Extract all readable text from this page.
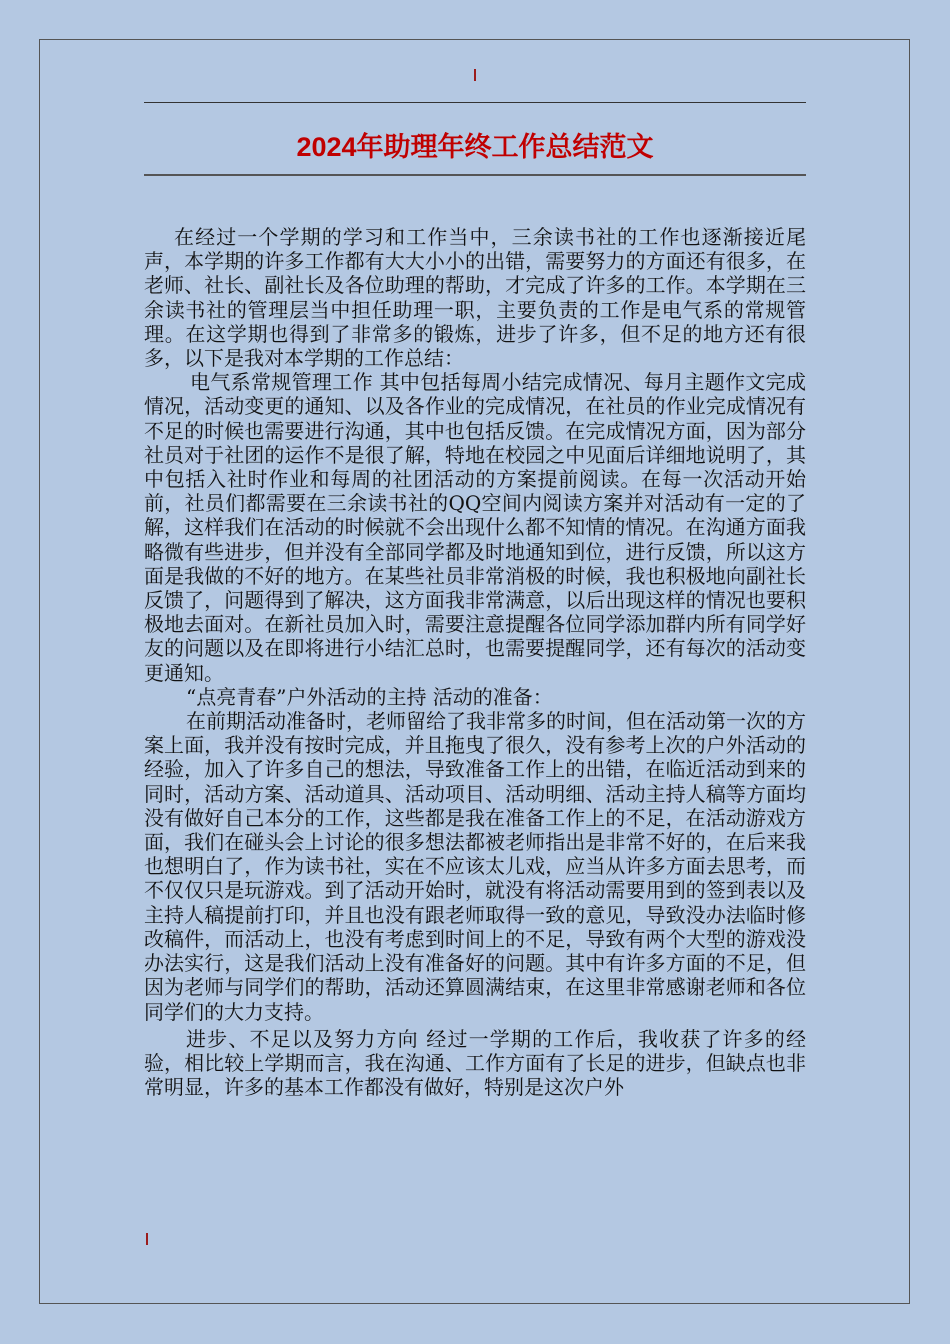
2024年助理年终工作总结范文

在经过一个学期的学习和工作当中，三余读书社的工作也逐渐接近尾声，本学期的许多工作都有大大小小的出错，需要努力的方面还有很多，在老师、社长、副社长及各位助理的帮助，才完成了许多的工作。本学期在三余读书社的管理层当中担任助理一职，主要负责的工作是电气系的常规管理。在这学期也得到了非常多的锻炼，进步了许多，但不足的地方还有很多，以下是我对本学期的工作总结：

电气系常规管理工作 其中包括每周小结完成情况、每月主题作文完成情况，活动变更的通知、以及各作业的完成情况，在社员的作业完成情况有不足的时候也需要进行沟通，其中也包括反馈。在完成情况方面，因为部分社员对于社团的运作不是很了解，特地在校园之中见面后详细地说明了，其中包括入社时作业和每周的社团活动的方案提前阅读。在每一次活动开始前，社员们都需要在三余读书社的QQ空间内阅读方案并对活动有一定的了解，这样我们在活动的时候就不会出现什么都不知情的情况。在沟通方面我略微有些进步，但并没有全部同学都及时地通知到位，进行反馈，所以这方面是我做的不好的地方。在某些社员非常消极的时候，我也积极地向副社长反馈了，问题得到了解决，这方面我非常满意，以后出现这样的情况也要积极地去面对。在新社员加入时，需要注意提醒各位同学添加群内所有同学好友的问题以及在即将进行小结汇总时，也需要提醒同学，还有每次的活动变更通知。

“点亮青春”户外活动的主持 活动的准备：

在前期活动准备时，老师留给了我非常多的时间，但在活动第一次的方案上面，我并没有按时完成，并且拖曳了很久，没有参考上次的户外活动的经验，加入了许多自己的想法，导致准备工作上的出错，在临近活动到来的同时，活动方案、活动道具、活动项目、活动明细、活动主持人稿等方面均没有做好自己本分的工作，这些都是我在准备工作上的不足，在活动游戏方面，我们在碰头会上讨论的很多想法都被老师指出是非常不好的，在后来我也想明白了，作为读书社，实在不应该太儿戏，应当从许多方面去思考，而不仅仅只是玩游戏。到了活动开始时，就没有将活动需要用到的签到表以及主持人稿提前打印，并且也没有跟老师取得一致的意见，导致没办法临时修改稿件，而活动上，也没有考虑到时间上的不足，导致有两个大型的游戏没办法实行，这是我们活动上没有准备好的问题。其中有许多方面的不足，但因为老师与同学们的帮助，活动还算圆满结束，在这里非常感谢老师和各位同学们的大力支持。

进步、不足以及努力方向 经过一学期的工作后，我收获了许多的经验，相比较上学期而言，我在沟通、工作方面有了长足的进步，但缺点也非常明显，许多的基本工作都没有做好，特别是这次户外
